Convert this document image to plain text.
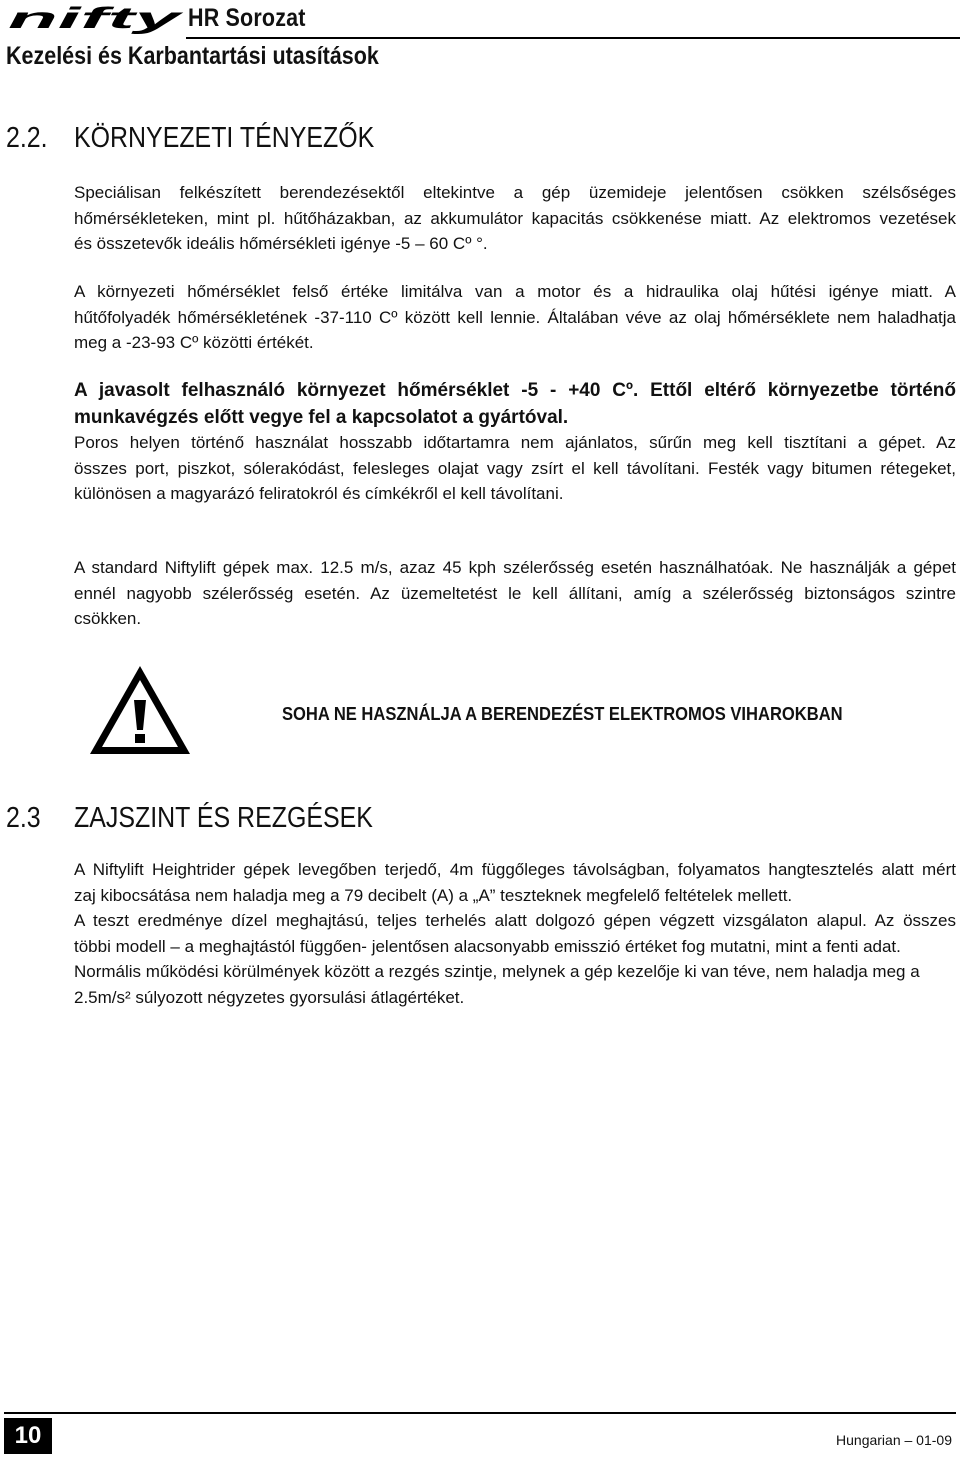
nifty HR Sorozat
Kezelési és Karbantartási utasítások
2.2. KÖRNYEZETI TÉNYEZŐK
Speciálisan felkészített berendezésektől eltekintve a gép üzemideje jelentősen csökken szélsőséges
hőmérsékleteken, mint pl. hűtőházakban, az akkumulátor kapacitás csökkenése miatt. Az elektromos vezetések
és összetevők ideális hőmérsékleti igénye -5 – 60 Cº °.
A környezeti hőmérséklet felső értéke limitálva van a motor és a hidraulika olaj hűtési igénye miatt. A
hűtőfolyadék hőmérsékletének -37-110 Cº között kell lennie. Általában véve az olaj hőmérséklete nem haladhatja
meg a -23-93 Cº közötti értékét.
A javasolt felhasználó környezet hőmérséklet -5 - +40 Cº. Ettől eltérő környezetbe történő
munkavégzés előtt vegye fel a kapcsolatot a gyártóval.
Poros helyen történő használat hosszabb időtartamra nem ajánlatos, sűrűn meg kell tisztítani a gépet. Az
összes port, piszkot, sólerakódást, felesleges olajat vagy zsírt el kell távolítani. Festék vagy bitumen rétegeket,
különösen a magyarázó feliratokról és címkékről el kell távolítani.
A standard Niftylift gépek max. 12.5 m/s, azaz 45 kph szélerősség esetén használhatóak. Ne használják a gépet
ennél nagyobb szélerősség esetén. Az üzemeltetést le kell állítani, amíg a szélerősség biztonságos szintre
csökken.
SOHA NE HASZNÁLJA A BERENDEZÉST ELEKTROMOS VIHAROKBAN
2.3 ZAJSZINT ÉS REZGÉSEK
A Niftylift Heightrider gépek levegőben terjedő, 4m függőleges távolságban, folyamatos hangtesztelés alatt mért
zaj kibocsátása nem haladja meg a 79 decibelt (A) a „A” teszteknek megfelelő feltételek mellett.
A teszt eredménye dízel meghajtású, teljes terhelés alatt dolgozó gépen végzett vizsgálaton alapul. Az összes
többi modell – a meghajtástól függően- jelentősen alacsonyabb emisszió értéket fog mutatni, mint a fenti adat.
Normális működési körülmények között a rezgés szintje, melynek a gép kezelője ki van téve, nem haladja meg a
2.5m/s² súlyozott négyzetes gyorsulási átlagértéket.
10	Hungarian – 01-09
